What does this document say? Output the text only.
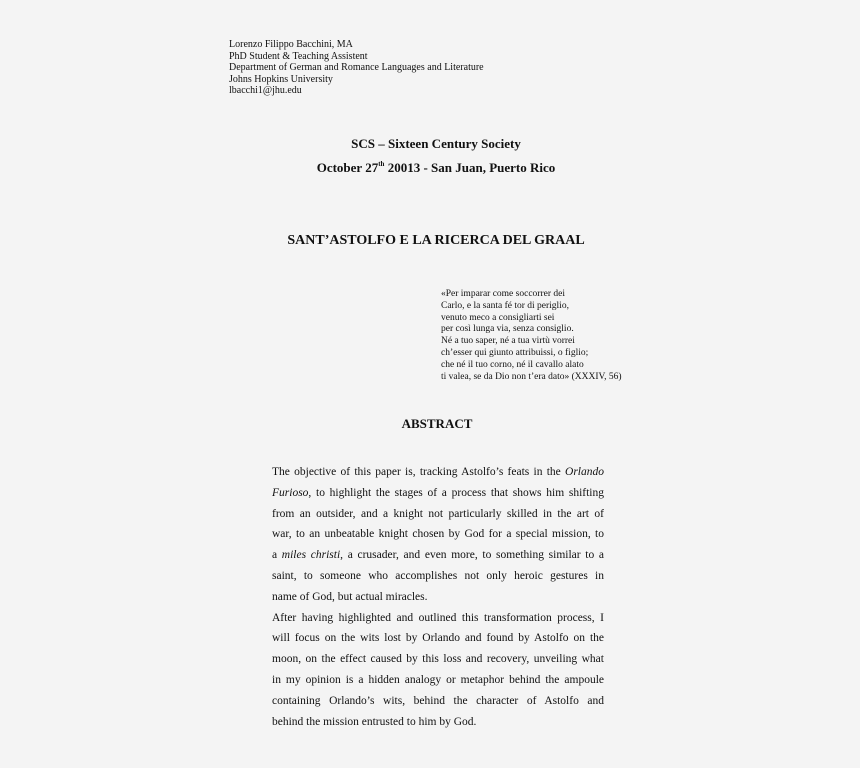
Lorenzo Filippo Bacchini, MA
PhD Student & Teaching Assistent
Department of German and Romance Languages and Literature
Johns Hopkins University
lbacchi1@jhu.edu
SCS – Sixteen Century Society
October 27th 20013 - San Juan, Puerto Rico
SANT’ASTOLFO E LA RICERCA DEL GRAAL
«Per imparar come soccorrer dei
Carlo, e la santa fé tor di periglio,
venuto meco a consigliarti sei
per così lunga via, senza consiglio.
Né a tuo saper, né a tua virtù vorrei
ch’esser qui giunto attribuissi, o figlio;
che né il tuo corno, né il cavallo alato
ti valea, se da Dio non t’era dato» (XXXIV, 56)
ABSTRACT
The objective of this paper is, tracking Astolfo’s feats in the Orlando
Furioso, to highlight the stages of a process that shows him shifting
from an outsider, and a knight not particularly skilled in the art of
war, to an unbeatable knight chosen by God for a special mission, to
a miles christi, a crusader, and even more, to something similar to a
saint, to someone who accomplishes not only heroic gestures in
name of God, but actual miracles.
After having highlighted and outlined this transformation process, I
will focus on the wits lost by Orlando and found by Astolfo on the
moon, on the effect caused by this loss and recovery, unveiling what
in my opinion is a hidden analogy or metaphor behind the ampoule
containing Orlando’s wits, behind the character of Astolfo and
behind the mission entrusted to him by God.
